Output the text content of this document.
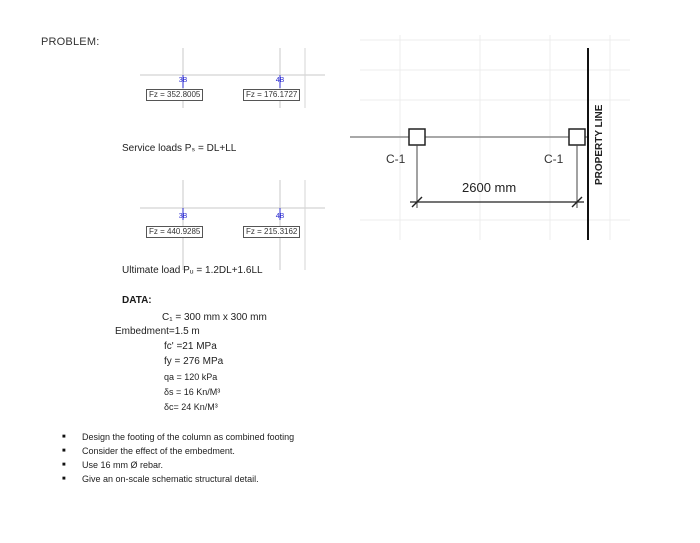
PROBLEM:
3B	4B
Fz = 352.8005	Fz = 176.1727
Service loads Pₛ = DL+LL
3B	4B
Fz = 440.9285	Fz = 215.3162
Ultimate load Pᵤ = 1.2DL+1.6LL
DATA:
C₁ = 300 mm x 300 mm
Embedment=1.5 m
fc' =21 MPa
fy = 276 MPa
qa = 120 kPa
δs = 16 Kn/M³
δc= 24 Kn/M³
■ Design the footing of the column as combined footing
■ Consider the effect of the embedment.
■ Use 16 mm Ø rebar.
■ Give an on-scale schematic structural detail.
C-1	C-1
2600 mm
PROPERTY LINE
